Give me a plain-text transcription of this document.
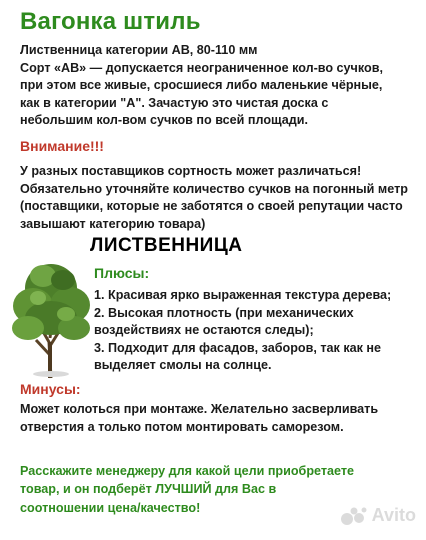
Вагонка штиль
Лиственница категории АВ, 80-110 мм
Сорт «АВ» — допускается неограниченное кол-во сучков,
при этом все живые, сросшиеся либо маленькие чёрные,
как в категории "А". Зачастую это чистая доска с
небольшим кол-вом сучков по всей площади.
Внимание!!!
У разных поставщиков сортность может различаться!
Обязательно уточняйте количество сучков на погонный метр
(поставщики, которые не заботятся о своей репутации часто
завышают категорию товара)
ЛИСТВЕННИЦА
Плюсы:
1. Красивая ярко выраженная текстура дерева;
2. Высокая плотность (при механических
воздействиях не остаются следы);
3. Подходит для фасадов, заборов, так как не
выделяет смолы на солнце.
Минусы:
Может колоться при монтаже. Желательно засверливать
отверстия а только потом монтировать саморезом.
Расскажите менеджеру для какой цели приобретаете
товар, и он подберёт ЛУЧШИЙ для Вас в
соотношении цена/качество!	Avito
